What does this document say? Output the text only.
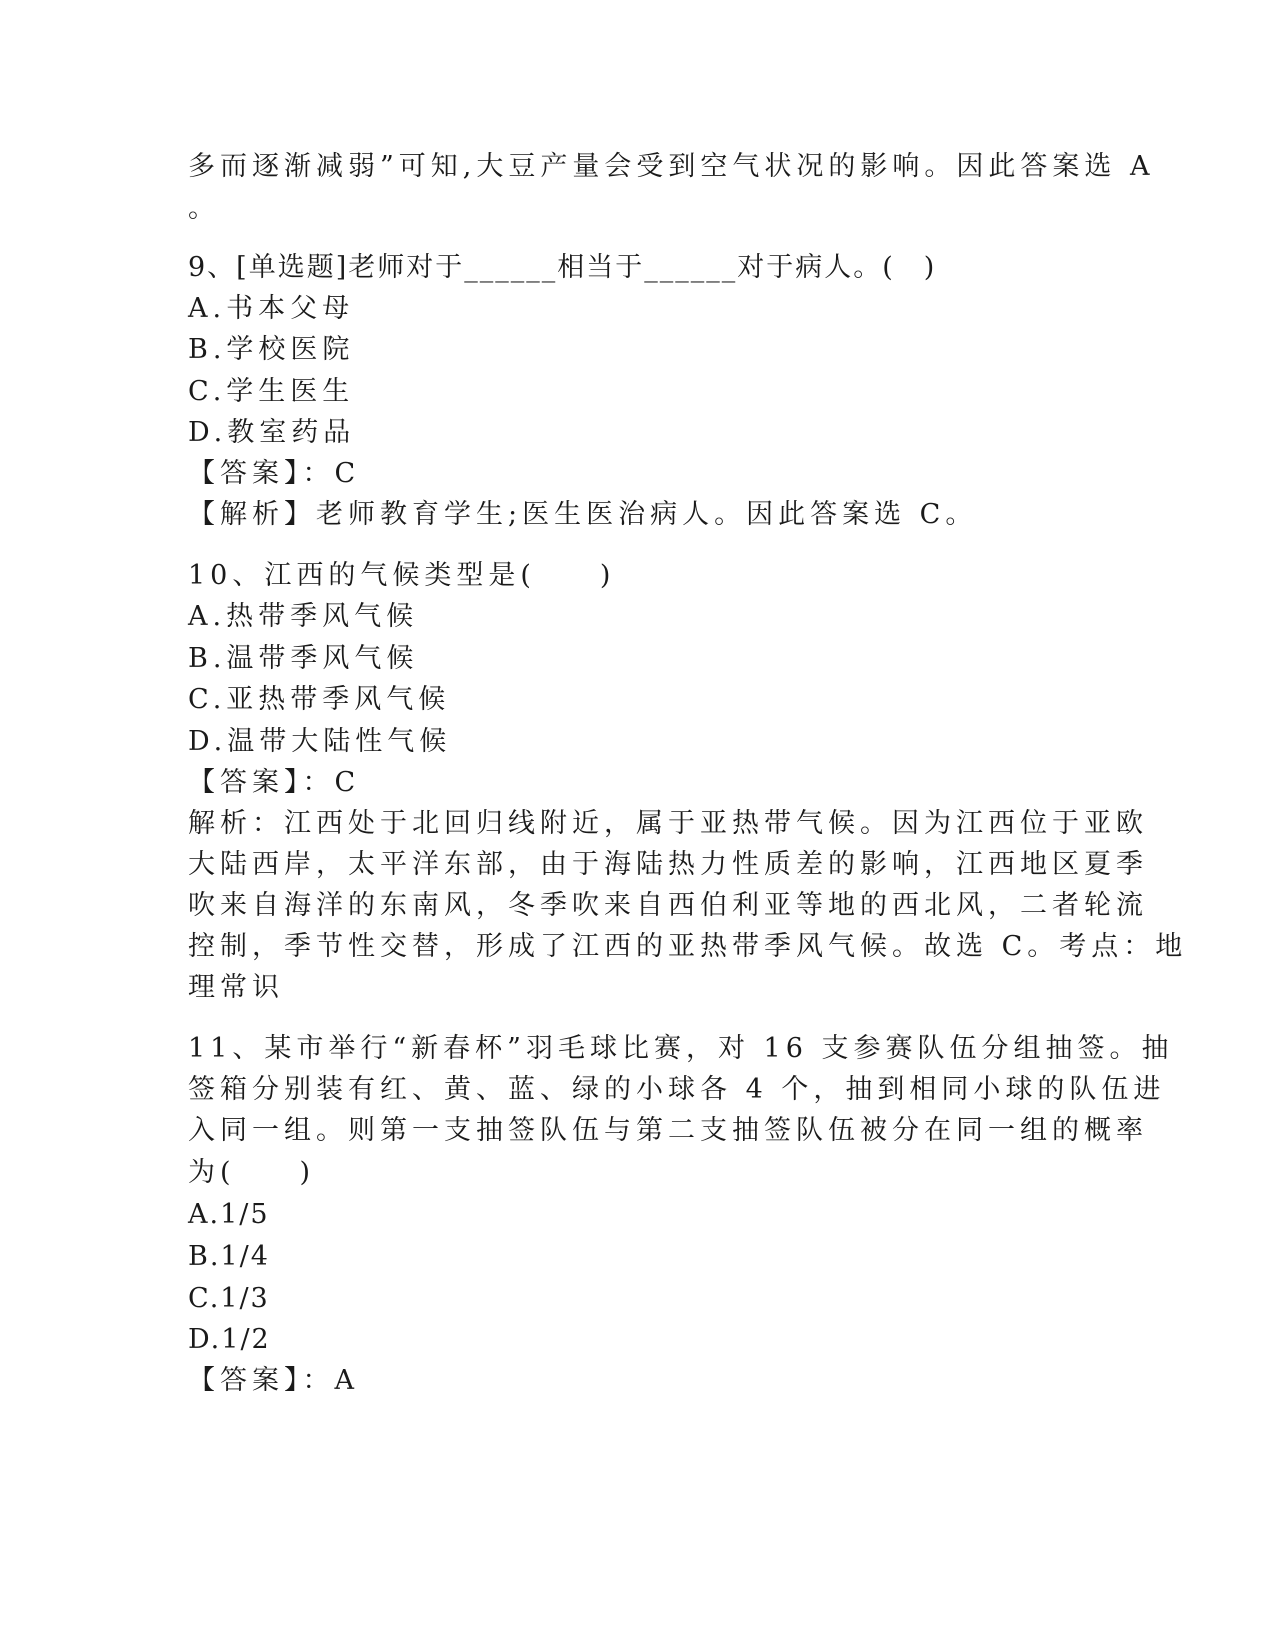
多而逐渐减弱”可知,大豆产量会受到空气状况的影响。因此答案选 A
。
9、[单选题]老师对于______相当于______对于病人。(　)
A.书本父母
B.学校医院
C.学生医生
D.教室药品
【答案】：C
【解析】老师教育学生;医生医治病人。因此答案选 C。
10、江西的气候类型是(　　)
A.热带季风气候
B.温带季风气候
C.亚热带季风气候
D.温带大陆性气候
【答案】：C
解析：江西处于北回归线附近，属于亚热带气候。因为江西位于亚欧
大陆西岸，太平洋东部，由于海陆热力性质差的影响，江西地区夏季
吹来自海洋的东南风，冬季吹来自西伯利亚等地的西北风，二者轮流
控制，季节性交替，形成了江西的亚热带季风气候。故选 C。考点：地
理常识
11、某市举行“新春杯”羽毛球比赛，对 16 支参赛队伍分组抽签。抽
签箱分别装有红、黄、蓝、绿的小球各 4 个，抽到相同小球的队伍进
入同一组。则第一支抽签队伍与第二支抽签队伍被分在同一组的概率
为(　　)
A.1/5
B.1/4
C.1/3
D.1/2
【答案】：A
